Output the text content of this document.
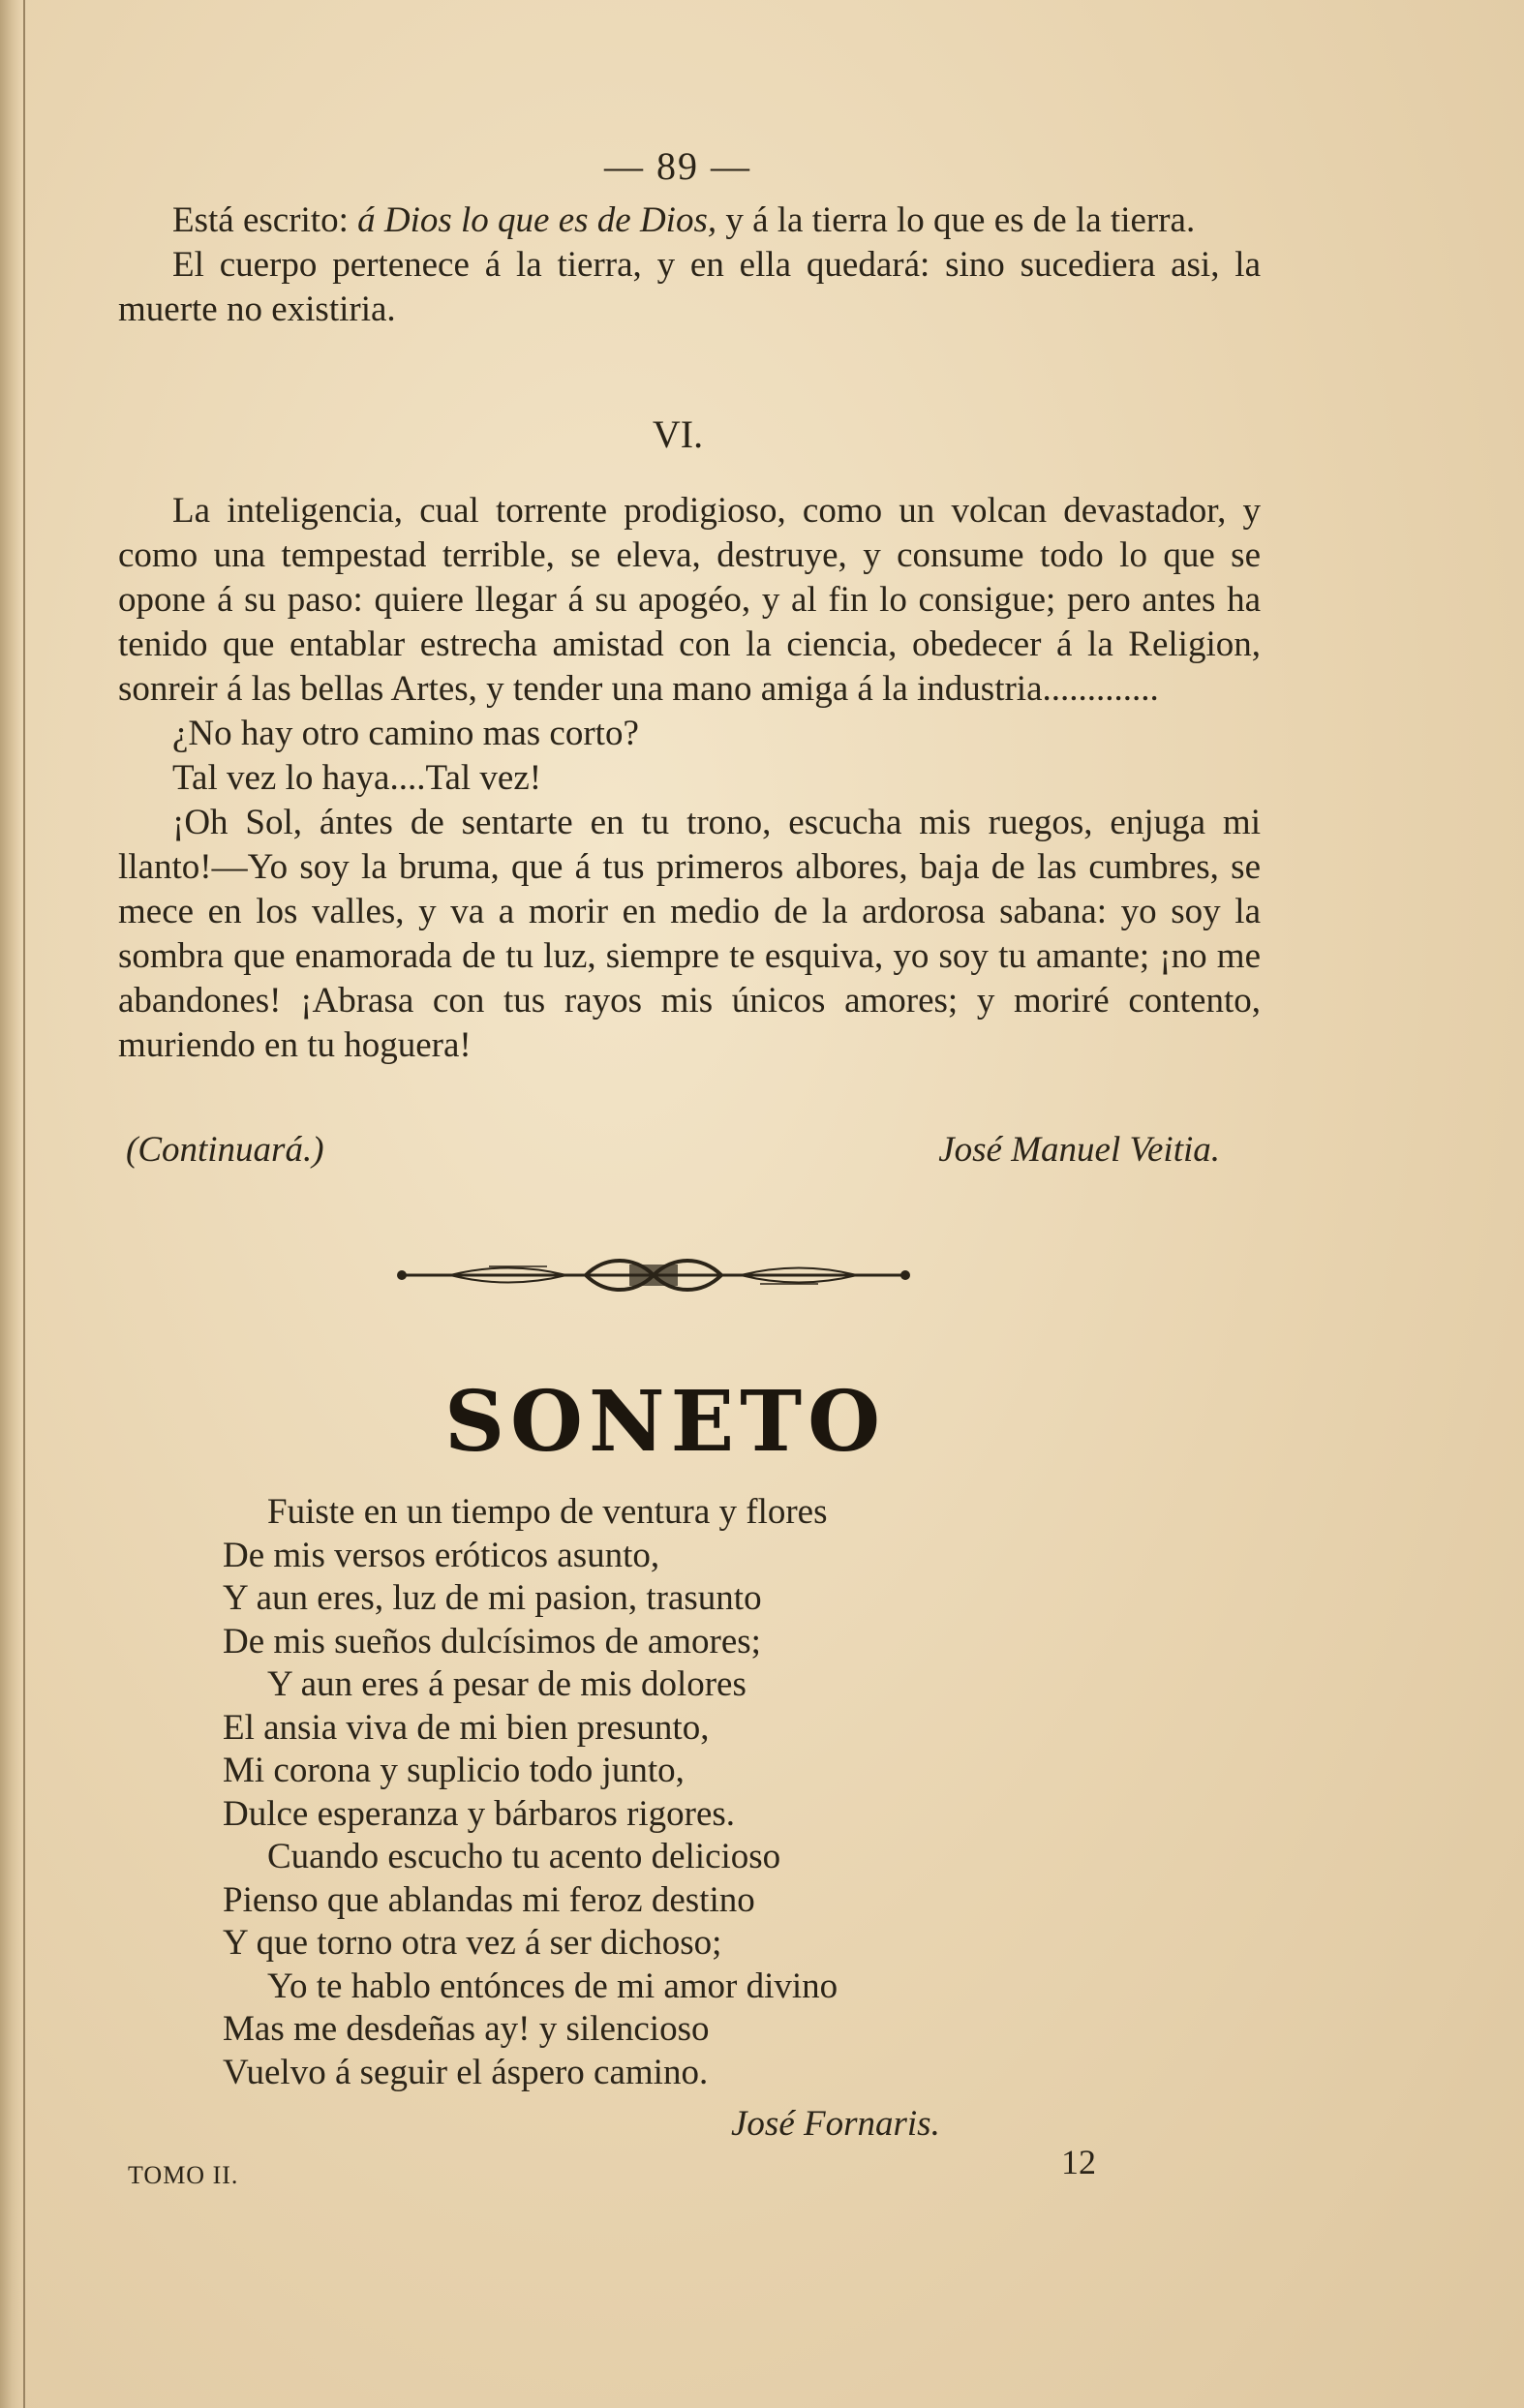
— 89 —

Está escrito: á Dios lo que es de Dios, y á la tierra lo que es de la tierra.

El cuerpo pertenece á la tierra, y en ella quedará: sino sucediera asi, la muerte no existiria.

VI.

La inteligencia, cual torrente prodigioso, como un volcan devastador, y como una tempestad terrible, se eleva, destruye, y consume todo lo que se opone á su paso: quiere llegar á su apogéo, y al fin lo consigue; pero antes ha tenido que entablar estrecha amistad con la ciencia, obedecer á la Religion, sonreir á las bellas Artes, y tender una mano amiga á la industria.............

¿No hay otro camino mas corto?

Tal vez lo haya....Tal vez!

¡Oh Sol, ántes de sentarte en tu trono, escucha mis ruegos, enjuga mi llanto!—Yo soy la bruma, que á tus primeros albores, baja de las cumbres, se mece en los valles, y va a morir en medio de la ardorosa sabana: yo soy la sombra que enamorada de tu luz, siempre te esquiva, yo soy tu amante; ¡no me abandones! ¡Abrasa con tus rayos mis únicos amores; y moriré contento, muriendo en tu hoguera!

(Continuará.)	José Manuel Veitia.
SONETO
Fuiste en un tiempo de ventura y flores
De mis versos eróticos asunto,
Y aun eres, luz de mi pasion, trasunto
De mis sueños dulcísimos de amores;
Y aun eres á pesar de mis dolores
El ansia viva de mi bien presunto,
Mi corona y suplicio todo junto,
Dulce esperanza y bárbaros rigores.
Cuando escucho tu acento delicioso
Pienso que ablandas mi feroz destino
Y que torno otra vez á ser dichoso;
Yo te hablo entónces de mi amor divino
Mas me desdeñas ay! y silencioso
Vuelvo á seguir el áspero camino.
José Fornaris.
TOMO II.	12
